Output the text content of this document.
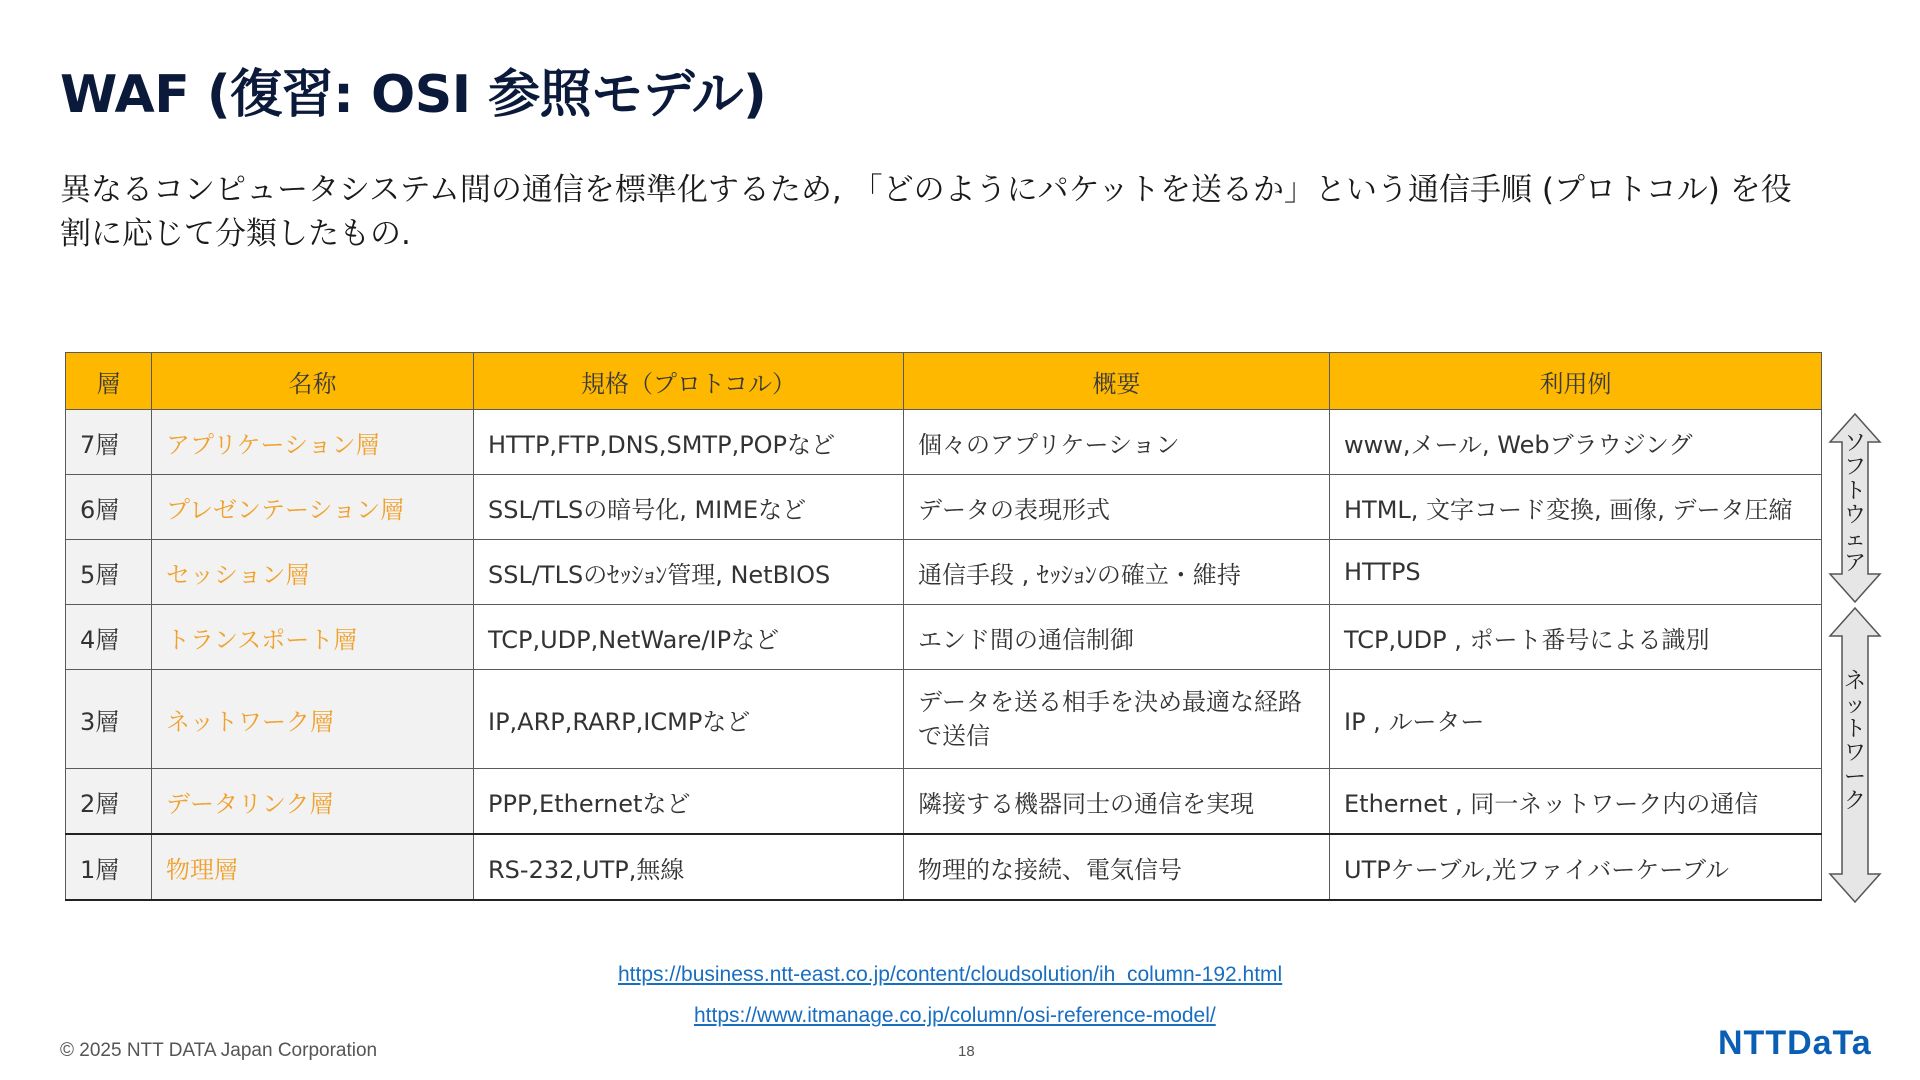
WAF (復習: OSI 参照モデル)
異なるコンピュータシステム間の通信を標準化するため, 「どのようにパケットを送るか」という通信手順 (プロトコル) を役割に応じて分類したもの.
層	名称	規格（プロトコル）	概要	利用例
7層	アプリケーション層	HTTP,FTP,DNS,SMTP,POPなど	個々のアプリケーション	www,メール, Webブラウジング
6層	プレゼンテーション層	SSL/TLSの暗号化, MIMEなど	データの表現形式	HTML, 文字コード変換, 画像, データ圧縮
5層	セッション層	SSL/TLSのｾｯｼｮﾝ管理, NetBIOS	通信手段 , ｾｯｼｮﾝの確立・維持	HTTPS
4層	トランスポート層	TCP,UDP,NetWare/IPなど	エンド間の通信制御	TCP,UDP , ポート番号による識別
3層	ネットワーク層	IP,ARP,RARP,ICMPなど	データを送る相手を決め最適な経路で送信	IP , ルーター
2層	データリンク層	PPP,Ethernetなど	隣接する機器同士の通信を実現	Ethernet , 同一ネットワーク内の通信
1層	物理層	RS-232,UTP,無線	物理的な接続、電気信号	UTPケーブル,光ファイバーケーブル
ソフトウェア
ネットワーク
https://business.ntt-east.co.jp/content/cloudsolution/ih_column-192.html
https://www.itmanage.co.jp/column/osi-reference-model/
© 2025 NTT DATA Japan Corporation	18	NTTDaTa
